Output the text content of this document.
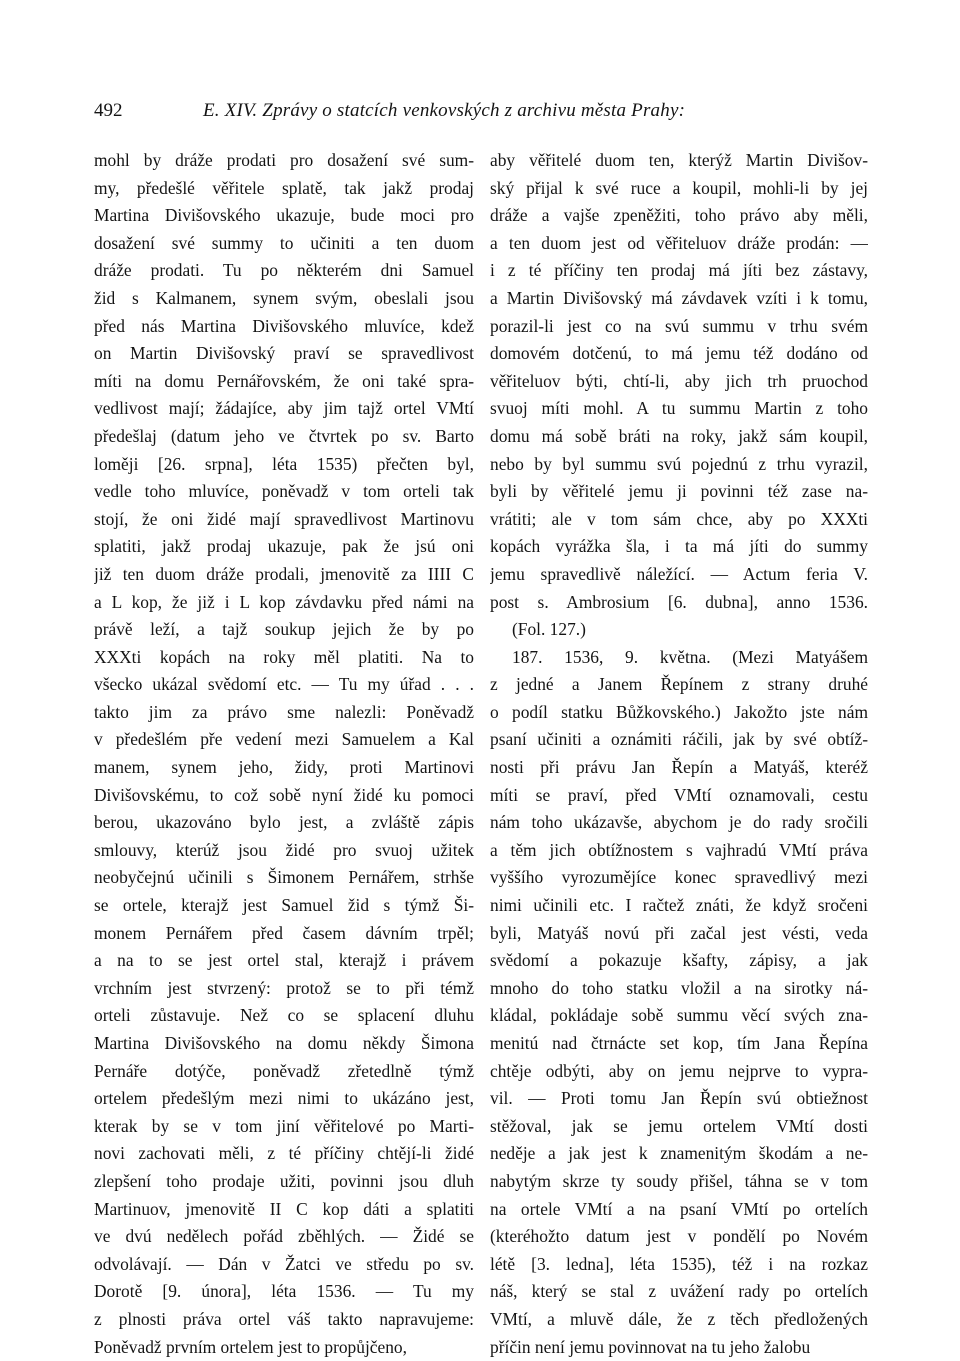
492	E. XIV. Zprávy o statcích venkovských z archivu města Prahy:
mohl by dráže prodati pro dosažení své sum-
my, předešlé věřitele splatě, tak jakž prodaj
Martina Divišovského ukazuje, bude moci pro
dosažení své summy to učiniti a ten duom
dráže prodati. Tu po některém dni Samuel
žid s Kalmanem, synem svým, obeslali jsou
před nás Martina Divišovského mluvíce, kdež
on Martin Divišovský praví se spravedlivost
míti na domu Pernářovském, že oni také spra-
vedlivost mají; žádajíce, aby jim tajž ortel VMtí
předešlaj (datum jeho ve čtvrtek po sv. Barto
loměji [26. srpna], léta 1535) přečten byl,
vedle toho mluvíce, poněvadž v tom orteli tak
stojí, že oni židé mají spravedlivost Martinovu
splatiti, jakž prodaj ukazuje, pak že jsú oni
již ten duom dráže prodali, jmenovitě za IIII C
a L kop, že již i L kop závdavku před námi na
právě leží, a tajž soukup jejich že by po
XXXti kopách na roky měl platiti. Na to
všecko ukázal svědomí etc. — Tu my úřad . . .
takto jim za právo sme nalezli: Poněvadž
v předešlém pře vedení mezi Samuelem a Kal
manem, synem jeho, židy, proti Martinovi
Divišovskému, to což sobě nyní židé ku pomoci
berou, ukazováno bylo jest, a zvláště zápis
smlouvy, kterúž jsou židé pro svuoj užitek
neobyčejnú učinili s Šimonem Pernářem, strhše
se ortele, kterajž jest Samuel žid s týmž Ši-
monem Pernářem před časem dávním trpěl;
a na to se jest ortel stal, kterajž i právem
vrchním jest stvrzený: protož se to při témž
orteli zůstavuje. Než co se splacení dluhu
Martina Divišovského na domu někdy Šimona
Pernáře dotýče, poněvadž zřetedlně týmž
ortelem předešlým mezi nimi to ukázáno jest,
kterak by se v tom jiní věřitelové po Marti-
novi zachovati měli, z té příčiny chtějí-li židé
zlepšení toho prodaje užiti, povinni jsou dluh
Martinuov, jmenovitě II C kop dáti a splatiti
ve dvú nedělech pořád zběhlých. — Židé se
odvolávají. — Dán v Žatci ve středu po sv.
Dorotě [9. února], léta 1536. — Tu my
z plnosti práva ortel váš takto napravujeme:
Poněvadž prvním ortelem jest to propůjčeno,
aby věřitelé duom ten, kterýž Martin Divišov-
ský přijal k své ruce a koupil, mohli-li by jej
dráže a vajše zpeněžiti, toho právo aby měli,
a ten duom jest od věřiteluov dráže prodán: —
i z té příčiny ten prodaj má jíti bez zástavy,
a Martin Divišovský má závdavek vzíti i k tomu,
porazil-li jest co na svú summu v trhu svém
domovém dotčenú, to má jemu též dodáno od
věřiteluov býti, chtí-li, aby jich trh pruochod
svuoj míti mohl. A tu summu Martin z toho
domu má sobě bráti na roky, jakž sám koupil,
nebo by byl summu svú pojednú z trhu vyrazil,
byli by věřitelé jemu ji povinni též zase na-
vrátiti; ale v tom sám chce, aby po XXXti
kopách vyrážka šla, i ta má jíti do summy
jemu spravedlivě náležící. — Actum feria V.
post s. Ambrosium [6. dubna], anno 1536.
(Fol. 127.)
187. 1536, 9. května. (Mezi Matyášem
z jedné a Janem Řepínem z strany druhé
o podíl statku Bůžkovského.) Jakožto jste nám
psaní učiniti a oznámiti ráčili, jak by své obtíž-
nosti při právu Jan Řepín a Matyáš, kteréž
míti se praví, před VMtí oznamovali, cestu
nám toho ukázavše, abychom je do rady sročili
a těm jich obtížnostem s vajhradú VMtí práva
vyššího vyrozumějíce konec spravedlivý mezi
nimi učinili etc. I račtež znáti, že když sročeni
byli, Matyáš novú při začal jest vésti, veda
svědomí a pokazuje kšafty, zápisy, a jak
mnoho do toho statku vložil a na sirotky ná-
kládal, pokládaje sobě summu věcí svých zna-
menitú nad čtrnácte set kop, tím Jana Řepína
chtěje odbýti, aby on jemu nejprve to vypra-
vil. — Proti tomu Jan Řepín svú obtiežnost
stěžoval, jak se jemu ortelem VMtí dosti
neděje a jak jest k znamenitým škodám a ne-
nabytým skrze ty soudy přišel, táhna se v tom
na ortele VMtí a na psaní VMtí po ortelích
(kteréhožto datum jest v pondělí po Novém
létě [3. ledna], léta 1535), též i na rozkaz
náš, který se stal z uvážení rady po ortelích
VMtí, a mluvě dále, že z těch předložených
příčin není jemu povinnovat na tu jeho žalobu
